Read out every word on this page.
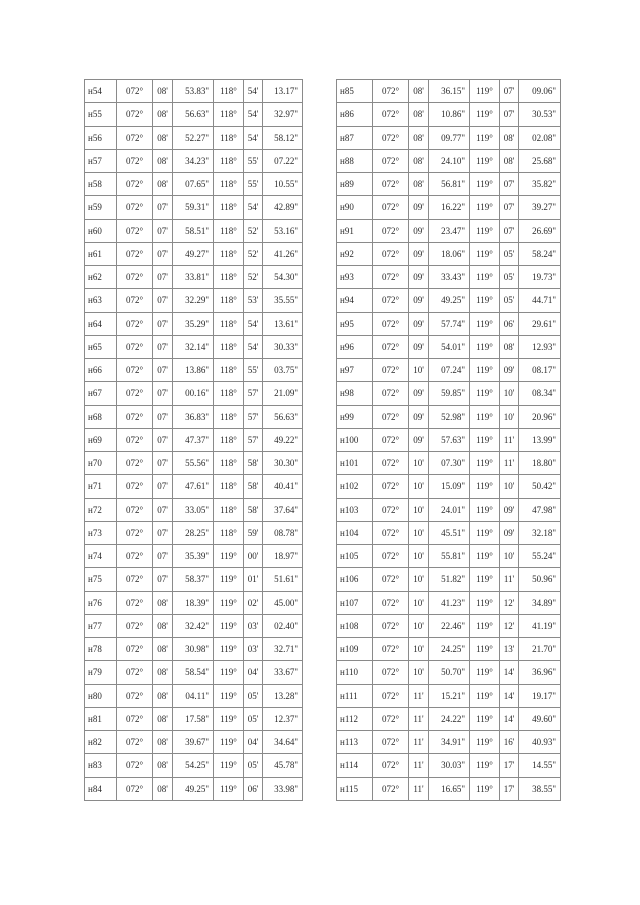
н54	072°	08'	53.83"	118°	54'	13.17"
н55	072°	08'	56.63"	118°	54'	32.97"
н56	072°	08'	52.27"	118°	54'	58.12"
н57	072°	08'	34.23"	118°	55'	07.22"
н58	072°	08'	07.65"	118°	55'	10.55"
н59	072°	07'	59.31"	118°	54'	42.89"
н60	072°	07'	58.51"	118°	52'	53.16"
н61	072°	07'	49.27"	118°	52'	41.26"
н62	072°	07'	33.81"	118°	52'	54.30"
н63	072°	07'	32.29"	118°	53'	35.55"
н64	072°	07'	35.29"	118°	54'	13.61"
н65	072°	07'	32.14"	118°	54'	30.33"
н66	072°	07'	13.86"	118°	55'	03.75"
н67	072°	07'	00.16"	118°	57'	21.09"
н68	072°	07'	36.83"	118°	57'	56.63"
н69	072°	07'	47.37"	118°	57'	49.22"
н70	072°	07'	55.56"	118°	58'	30.30"
н71	072°	07'	47.61"	118°	58'	40.41"
н72	072°	07'	33.05"	118°	58'	37.64"
н73	072°	07'	28.25"	118°	59'	08.78"
н74	072°	07'	35.39"	119°	00'	18.97"
н75	072°	07'	58.37"	119°	01'	51.61"
н76	072°	08'	18.39"	119°	02'	45.00"
н77	072°	08'	32.42"	119°	03'	02.40"
н78	072°	08'	30.98"	119°	03'	32.71"
н79	072°	08'	58.54"	119°	04'	33.67"
н80	072°	08'	04.11"	119°	05'	13.28"
н81	072°	08'	17.58"	119°	05'	12.37"
н82	072°	08'	39.67"	119°	04'	34.64"
н83	072°	08'	54.25"	119°	05'	45.78"
н84	072°	08'	49.25"	119°	06'	33.98"
н85	072°	08'	36.15"	119°	07'	09.06"
н86	072°	08'	10.86"	119°	07'	30.53"
н87	072°	08'	09.77"	119°	08'	02.08"
н88	072°	08'	24.10"	119°	08'	25.68"
н89	072°	08'	56.81"	119°	07'	35.82"
н90	072°	09'	16.22"	119°	07'	39.27"
н91	072°	09'	23.47"	119°	07'	26.69"
н92	072°	09'	18.06"	119°	05'	58.24"
н93	072°	09'	33.43"	119°	05'	19.73"
н94	072°	09'	49.25"	119°	05'	44.71"
н95	072°	09'	57.74"	119°	06'	29.61"
н96	072°	09'	54.01"	119°	08'	12.93"
н97	072°	10'	07.24"	119°	09'	08.17"
н98	072°	09'	59.85"	119°	10'	08.34"
н99	072°	09'	52.98"	119°	10'	20.96"
н100	072°	09'	57.63"	119°	11'	13.99"
н101	072°	10'	07.30"	119°	11'	18.80"
н102	072°	10'	15.09"	119°	10'	50.42"
н103	072°	10'	24.01"	119°	09'	47.98"
н104	072°	10'	45.51"	119°	09'	32.18"
н105	072°	10'	55.81"	119°	10'	55.24"
н106	072°	10'	51.82"	119°	11'	50.96"
н107	072°	10'	41.23"	119°	12'	34.89"
н108	072°	10'	22.46"	119°	12'	41.19"
н109	072°	10'	24.25"	119°	13'	21.70"
н110	072°	10'	50.70"	119°	14'	36.96"
н111	072°	11'	15.21"	119°	14'	19.17"
н112	072°	11'	24.22"	119°	14'	49.60"
н113	072°	11'	34.91"	119°	16'	40.93"
н114	072°	11'	30.03"	119°	17'	14.55"
н115	072°	11'	16.65"	119°	17'	38.55"
